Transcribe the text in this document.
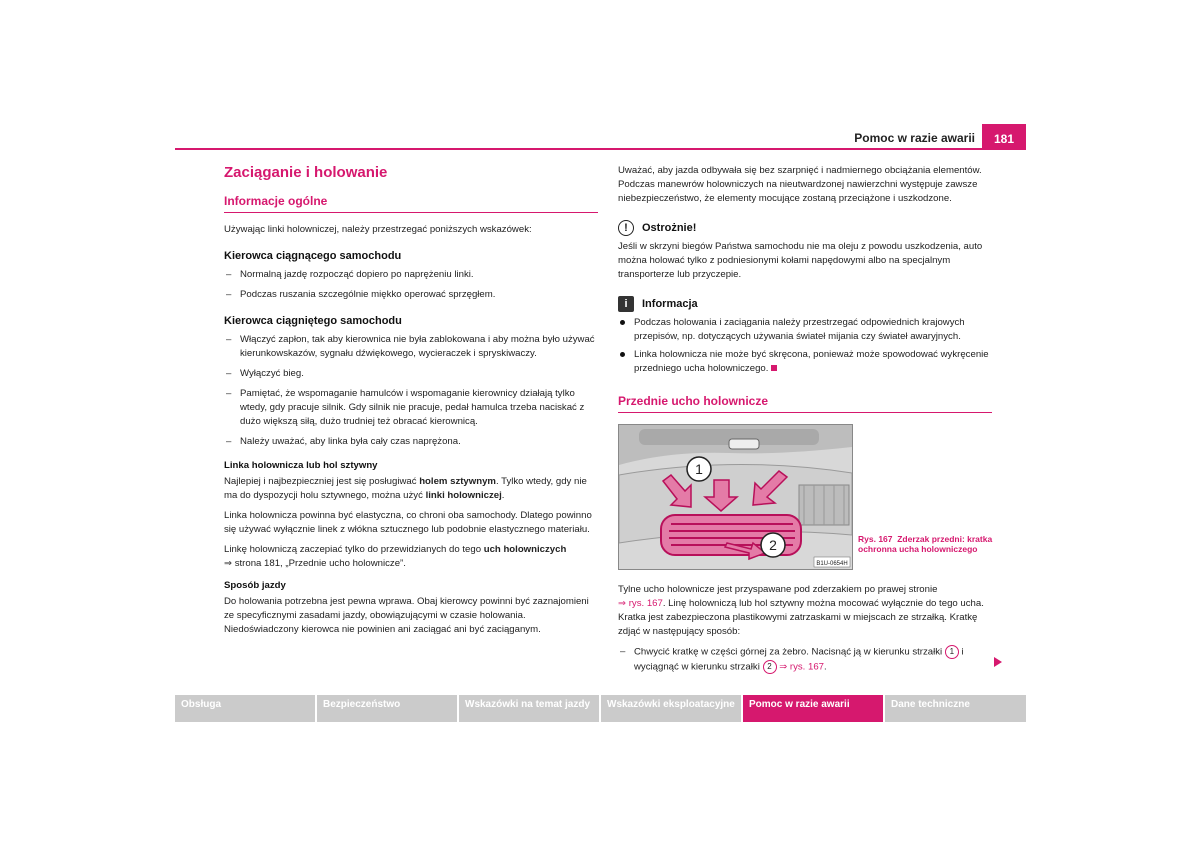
Pomoc w razie awarii	181
Zaciąganie i holowanie
Informacje ogólne

Używając linki holowniczej, należy przestrzegać poniższych wskazówek:

Kierowca ciągnącego samochodu
– Normalną jazdę rozpocząć dopiero po naprężeniu linki.
– Podczas ruszania szczególnie miękko operować sprzęgłem.
Kierowca ciągniętego samochodu
– Włączyć zapłon, tak aby kierownica nie była zablokowana i aby można było używać kierunkowskazów, sygnału dźwiękowego, wycieraczek i spryskiwaczy.
– Wyłączyć bieg.
– Pamiętać, że wspomaganie hamulców i wspomaganie kierownicy działają tylko wtedy, gdy pracuje silnik. Gdy silnik nie pracuje, pedał hamulca trzeba naciskać z dużo większą siłą, dużo trudniej też obracać kierownicą.
– Należy uważać, aby linka była cały czas naprężona.
Linka holownicza lub hol sztywny

Najlepiej i najbezpieczniej jest się posługiwać holem sztywnym. Tylko wtedy, gdy nie ma do dyspozycji holu sztywnego, można użyć linki holowniczej.

Linka holownicza powinna być elastyczna, co chroni oba samochody. Dlatego powinno się używać wyłącznie linek z włókna sztucznego lub podobnie elastycznego materiału.

Linkę holowniczą zaczepiać tylko do przewidzianych do tego uch holowniczych
⇒ strona 181, „Przednie ucho holownicze”.

Sposób jazdy

Do holowania potrzebna jest pewna wprawa. Obaj kierowcy powinni być zaznajomieni ze specyficznymi zasadami jazdy, obowiązującymi w czasie holowania. Niedoświadczony kierowca nie powinien ani zaciągać ani być zaciąganym.

Uważać, aby jazda odbywała się bez szarpnięć i nadmiernego obciążania elementów. Podczas manewrów holowniczych na nieutwardzonej nawierzchni występuje zawsze niebezpieczeństwo, że elementy mocujące zostaną przeciążone i uszkodzone.

!	Ostrożnie!

Jeśli w skrzyni biegów Państwa samochodu nie ma oleju z powodu uszkodzenia, auto można holować tylko z podniesionymi kołami napędowymi albo na specjalnym transporterze lub przyczepie.

i	Informacja
Podczas holowania i zaciągania należy przestrzegać odpowiednich krajowych przepisów, np. dotyczących używania świateł mijania czy świateł awaryjnych.
Linka holownicza nie może być skręcona, ponieważ może spowodować wykręcenie przedniego ucha holowniczego.
Przednie ucho holownicze
1
2
B1U-0654H
Rys. 167 Zderzak przedni: kratka ochronna ucha holowniczego

Tylne ucho holownicze jest przyspawane pod zderzakiem po prawej stronie
⇒ rys. 167. Linę holowniczą lub hol sztywny można mocować wyłącznie do tego ucha. Kratka jest zabezpieczona plastikowymi zatrzaskami w miejscach ze strzałką. Kratkę zdjąć w następujący sposób:

– Chwycić kratkę w części górnej za żebro. Nacisnąć ją w kierunku strzałki 1 i wyciągnąć w kierunku strzałki 2 ⇒ rys. 167.
Obsługa	Bezpieczeństwo	Wskazówki na temat jazdy	Wskazówki eksploatacyjne	Pomoc w razie awarii	Dane techniczne
